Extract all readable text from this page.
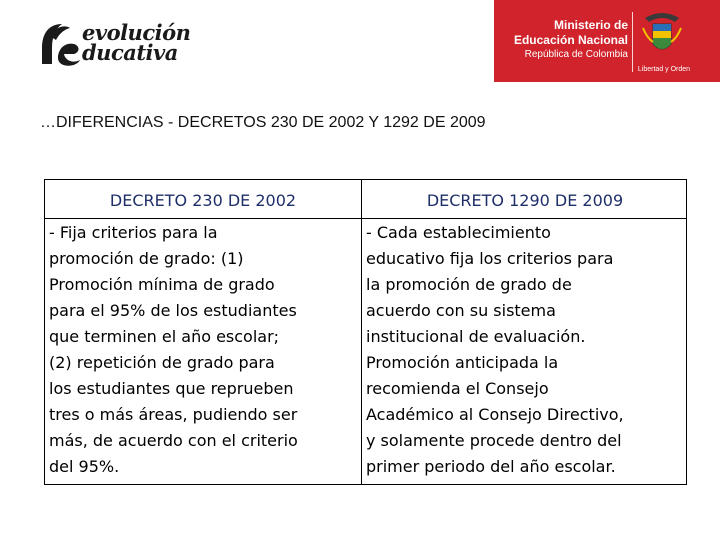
evolución
ducativa
Ministerio de
Educación Nacional
República de Colombia
Libertad y Orden
…DIFERENCIAS - DECRETOS 230 DE 2002 Y 1292 DE 2009
DECRETO 230 DE 2002	DECRETO 1290 DE 2009
- Fija criterios para la
promoción de grado: (1)
Promoción mínima de grado
para el 95% de los estudiantes
que terminen el año escolar;
(2) repetición de grado para
los estudiantes que reprueben
tres o más áreas, pudiendo ser
más, de acuerdo con el criterio
del 95%.
- Cada establecimiento
educativo fija los criterios para
la promoción de grado de
acuerdo con su sistema
institucional de evaluación.
Promoción anticipada la
recomienda el Consejo
Académico al Consejo Directivo,
y solamente procede dentro del
primer periodo del año escolar.
